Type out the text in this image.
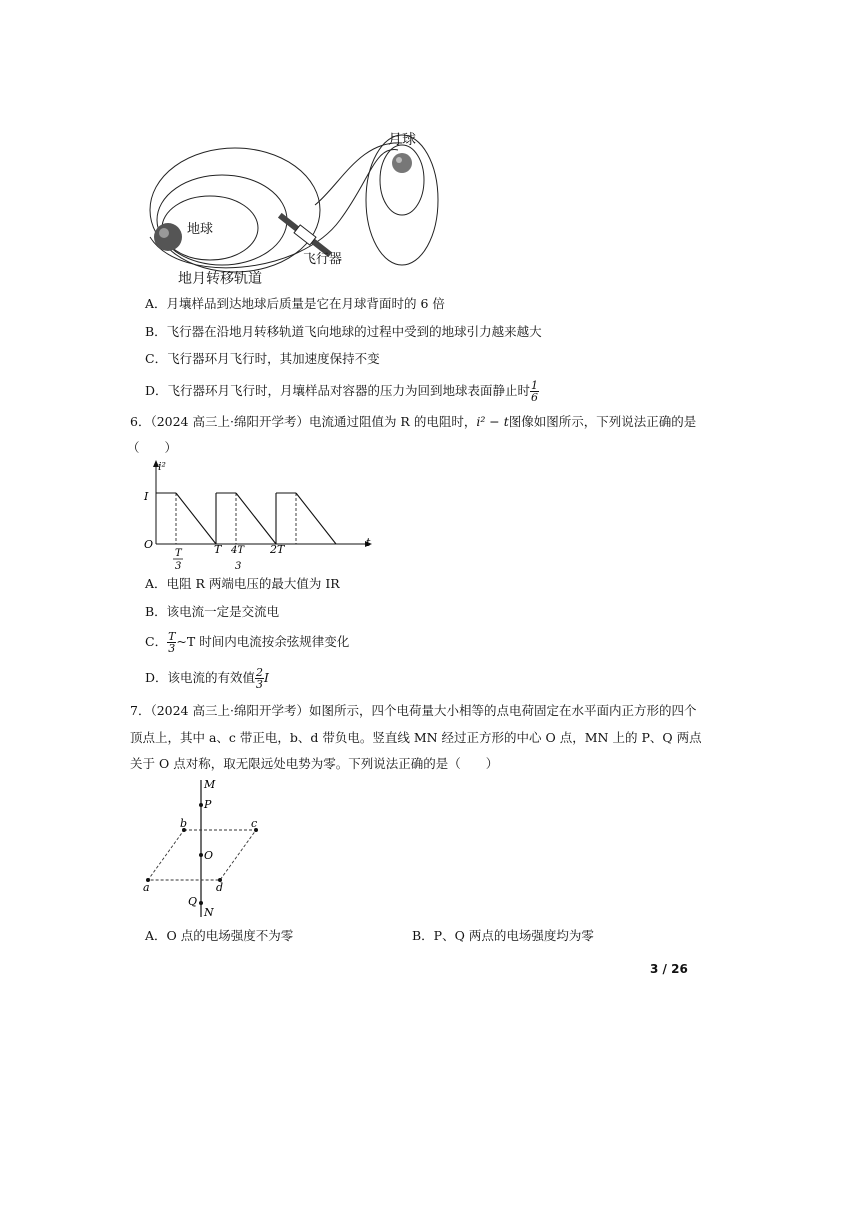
月球
地球
飞行器
地月转移轨道
A．月壤样品到达地球后质量是它在月球背面时的 6 倍
B．飞行器在沿地月转移轨道飞向地球的过程中受到的地球引力越来越大
C．飞行器环月飞行时，其加速度保持不变
D．飞行器环月飞行时，月壤样品对容器的压力为回到地球表面静止时 $\frac{1}{6}$
6．（2024 高三上·绵阳开学考）电流通过阻值为 R 的电阻时，i² − t图像如图所示，下列说法正确的是
（　　）
i²
t
I
O
T
3
T 4T
3
2T
A．电阻 R 两端电压的最大值为 IR
B．该电流一定是交流电
C． $\frac{T}{3}$ ~T 时间内电流按余弦规律变化
D．该电流的有效值 $\frac{2}{3}$ I
7．（2024 高三上·绵阳开学考）如图所示，四个电荷量大小相等的点电荷固定在水平面内正方形的四个
顶点上，其中 a、c 带正电，b、d 带负电。竖直线 MN 经过正方形的中心 O 点，MN 上的 P、Q 两点
关于 O 点对称，取无限远处电势为零。下列说法正确的是（　　）
M
P
b	c
O
a	d
Q
N
A．O 点的电场强度不为零	B．P、Q 两点的电场强度均为零
3 / 26
